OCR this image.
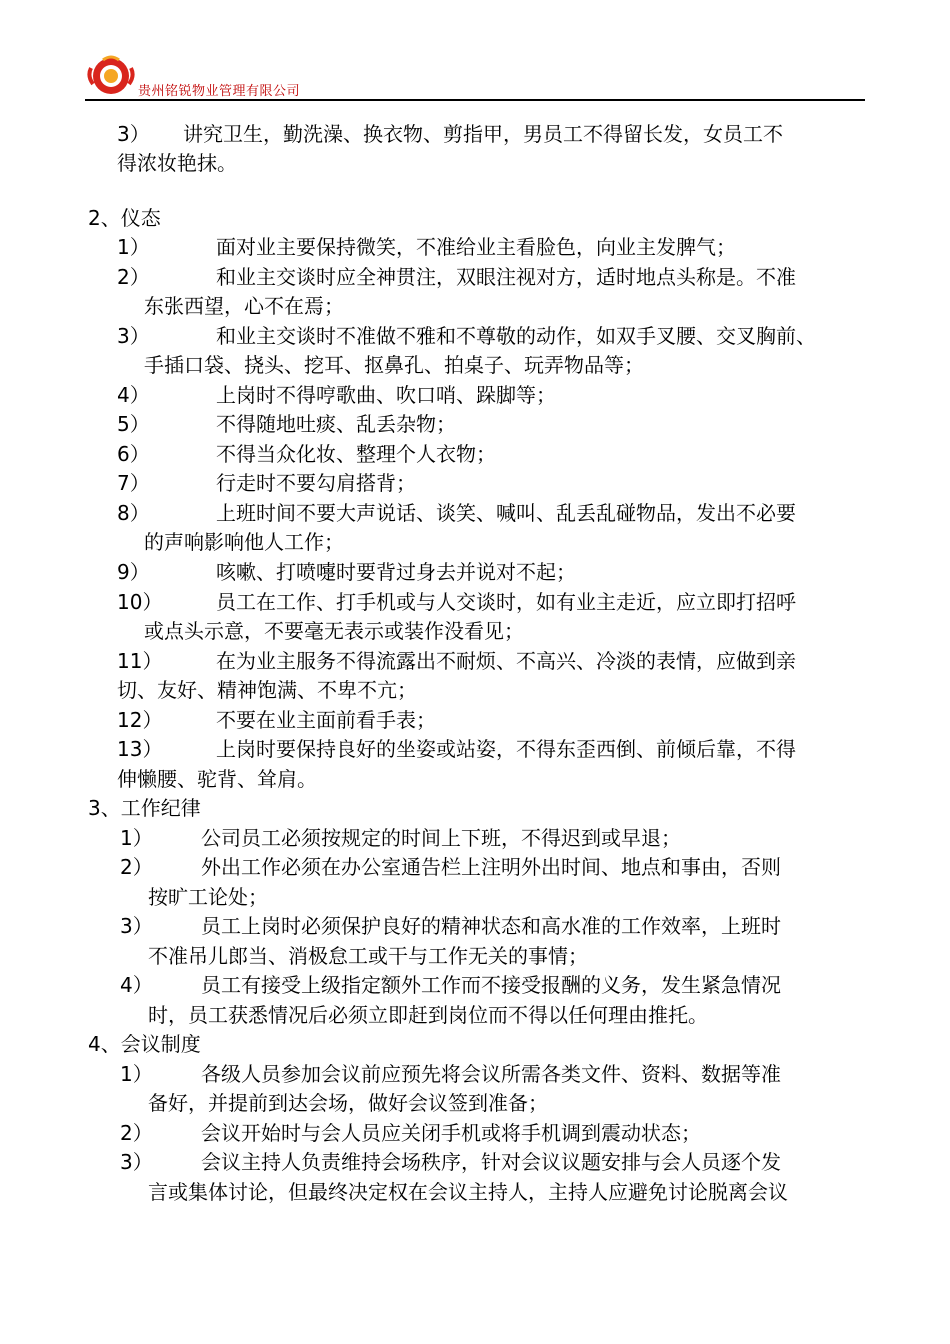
贵州铭锐物业管理有限公司
3） 讲究卫生，勤洗澡、换衣物、剪指甲，男员工不得留长发，女员工不
得浓妆艳抹。
2、仪态
1）	面对业主要保持微笑，不准给业主看脸色，向业主发脾气；
2）	和业主交谈时应全神贯注，双眼注视对方，适时地点头称是。不准
东张西望，心不在焉；
3）	和业主交谈时不准做不雅和不尊敬的动作，如双手叉腰、交叉胸前、
手插口袋、挠头、挖耳、抠鼻孔、拍桌子、玩弄物品等；
4）	上岗时不得哼歌曲、吹口哨、跺脚等；
5）	不得随地吐痰、乱丢杂物；
6）	不得当众化妆、整理个人衣物；
7）	行走时不要勾肩搭背；
8）	上班时间不要大声说话、谈笑、喊叫、乱丢乱碰物品，发出不必要
的声响影响他人工作；
9）	咳嗽、打喷嚏时要背过身去并说对不起；
10）	员工在工作、打手机或与人交谈时，如有业主走近，应立即打招呼
或点头示意，不要毫无表示或装作没看见；
11）	在为业主服务不得流露出不耐烦、不高兴、冷淡的表情，应做到亲
切、友好、精神饱满、不卑不亢；
12）	不要在业主面前看手表；
13）	上岗时要保持良好的坐姿或站姿，不得东歪西倒、前倾后靠，不得
伸懒腰、驼背、耸肩。
3、工作纪律
1） 公司员工必须按规定的时间上下班，不得迟到或早退；
2） 外出工作必须在办公室通告栏上注明外出时间、地点和事由，否则
按旷工论处；
3） 员工上岗时必须保护良好的精神状态和高水准的工作效率，上班时
不准吊儿郎当、消极怠工或干与工作无关的事情；
4） 员工有接受上级指定额外工作而不接受报酬的义务，发生紧急情况
时，员工获悉情况后必须立即赶到岗位而不得以任何理由推托。
4、会议制度
1） 各级人员参加会议前应预先将会议所需各类文件、资料、数据等准
备好，并提前到达会场，做好会议签到准备；
2） 会议开始时与会人员应关闭手机或将手机调到震动状态；
3） 会议主持人负责维持会场秩序，针对会议议题安排与会人员逐个发
言或集体讨论，但最终决定权在会议主持人，主持人应避免讨论脱离会议
